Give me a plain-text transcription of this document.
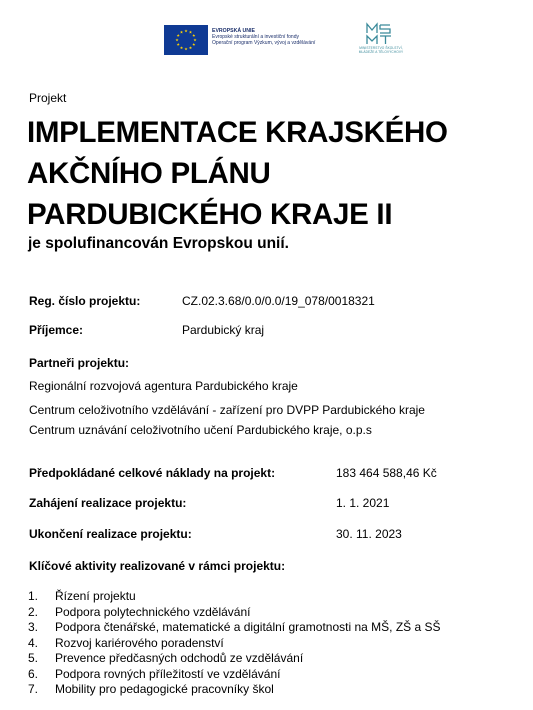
EVROPSKÁ UNIE
Evropské strukturální a investiční fondy
Operační program Výzkum, vývoj a vzdělávání
MINISTERSTVO ŠKOLSTVÍ, MLÁDEŽE A TĚLOVÝCHOVY
Projekt
IMPLEMENTACE KRAJSKÉHO
AKČNÍHO PLÁNU
PARDUBICKÉHO KRAJE II
je spolufinancován Evropskou unií.
Reg. číslo projektu:	CZ.02.3.68/0.0/0.0/19_078/0018321
Příjemce:	Pardubický kraj
Partneři projektu:
Regionální rozvojová agentura Pardubického kraje
Centrum celoživotního vzdělávání - zařízení pro DVPP Pardubického kraje
Centrum uznávání celoživotního učení Pardubického kraje, o.p.s
Předpokládané celkové náklady na projekt:	183 464 588,46 Kč
Zahájení realizace projektu:	1. 1. 2021
Ukončení realizace projektu:	30. 11. 2023
Klíčové aktivity realizované v rámci projektu:
1. Řízení projektu
2. Podpora polytechnického vzdělávání
3. Podpora čtenářské, matematické a digitální gramotnosti na MŠ, ZŠ a SŠ
4. Rozvoj kariérového poradenství
5. Prevence předčasných odchodů ze vzdělávání
6. Podpora rovných příležitostí ve vzdělávání
7. Mobility pro pedagogické pracovníky škol
